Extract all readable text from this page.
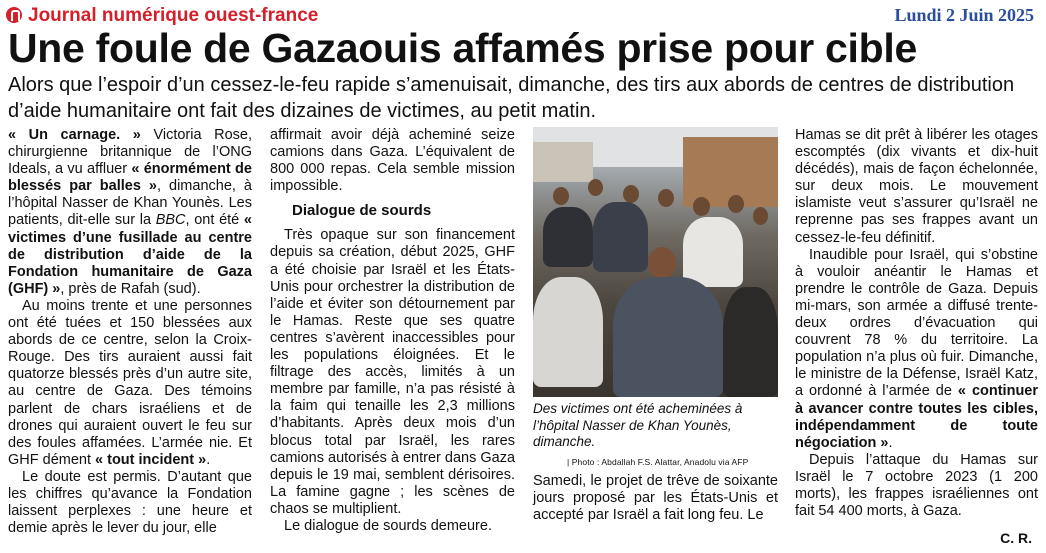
Journal numérique ouest-france	Lundi 2 Juin 2025
Une foule de Gazaouis affamés prise pour cible
Alors que l’espoir d’un cessez-le-feu rapide s’amenuisait, dimanche, des tirs aux abords de centres de distribution d’aide humanitaire ont fait des dizaines de victimes, au petit matin.

« Un carnage. » Victoria Rose, chirurgienne britannique de l’ONG Ideals, a vu affluer « énormément de blessés par balles », dimanche, à l’hôpital Nasser de Khan Younès. Les patients, dit-elle sur la BBC, ont été « victimes d’une fusillade au centre de distribution d’aide de la Fondation humanitaire de Gaza (GHF) », près de Rafah (sud).

Au moins trente et une personnes ont été tuées et 150 blessées aux abords de ce centre, selon la Croix-Rouge. Des tirs auraient aussi fait quatorze blessés près d’un autre site, au centre de Gaza. Des témoins parlent de chars israéliens et de drones qui auraient ouvert le feu sur des foules affamées. L’armée nie. Et GHF dément « tout incident ».

Le doute est permis. D’autant que les chiffres qu’avance la Fondation laissent perplexes : une heure et demie après le lever du jour, elle

affirmait avoir déjà acheminé seize camions dans Gaza. L’équivalent de 800 000 repas. Cela semble mission impossible.

Dialogue de sourds

Très opaque sur son financement depuis sa création, début 2025, GHF a été choisie par Israël et les États-Unis pour orchestrer la distribution de l’aide et éviter son détournement par le Hamas. Reste que ses quatre centres s’avèrent inaccessibles pour les populations éloignées. Et le filtrage des accès, limités à un membre par famille, n’a pas résisté à la faim qui tenaille les 2,3 millions d’habitants. Après deux mois d’un blocus total par Israël, les rares camions autorisés à entrer dans Gaza depuis le 19 mai, semblent dérisoires. La famine gagne ; les scènes de chaos se multiplient.

Le dialogue de sourds demeure.

Des victimes ont été acheminées à l’hôpital Nasser de Khan Younès, dimanche.
| Photo : Abdallah F.S. Alattar, Anadolu via AFP

Samedi, le projet de trêve de soixante jours proposé par les États-Unis et accepté par Israël a fait long feu. Le

Hamas se dit prêt à libérer les otages escomptés (dix vivants et dix-huit décédés), mais de façon échelonnée, sur deux mois. Le mouvement islamiste veut s’assurer qu’Israël ne reprenne pas ses frappes avant un cessez-le-feu définitif.

Inaudible pour Israël, qui s’obstine à vouloir anéantir le Hamas et prendre le contrôle de Gaza. Depuis mi-mars, son armée a diffusé trente-deux ordres d’évacuation qui couvrent 78 % du territoire. La population n’a plus où fuir. Dimanche, le ministre de la Défense, Israël Katz, a ordonné à l’armée de « continuer à avancer contre toutes les cibles, indépendamment de toute négociation ».

Depuis l’attaque du Hamas sur Israël le 7 octobre 2023 (1 200 morts), les frappes israéliennes ont fait 54 400 morts, à Gaza.

C. R.
